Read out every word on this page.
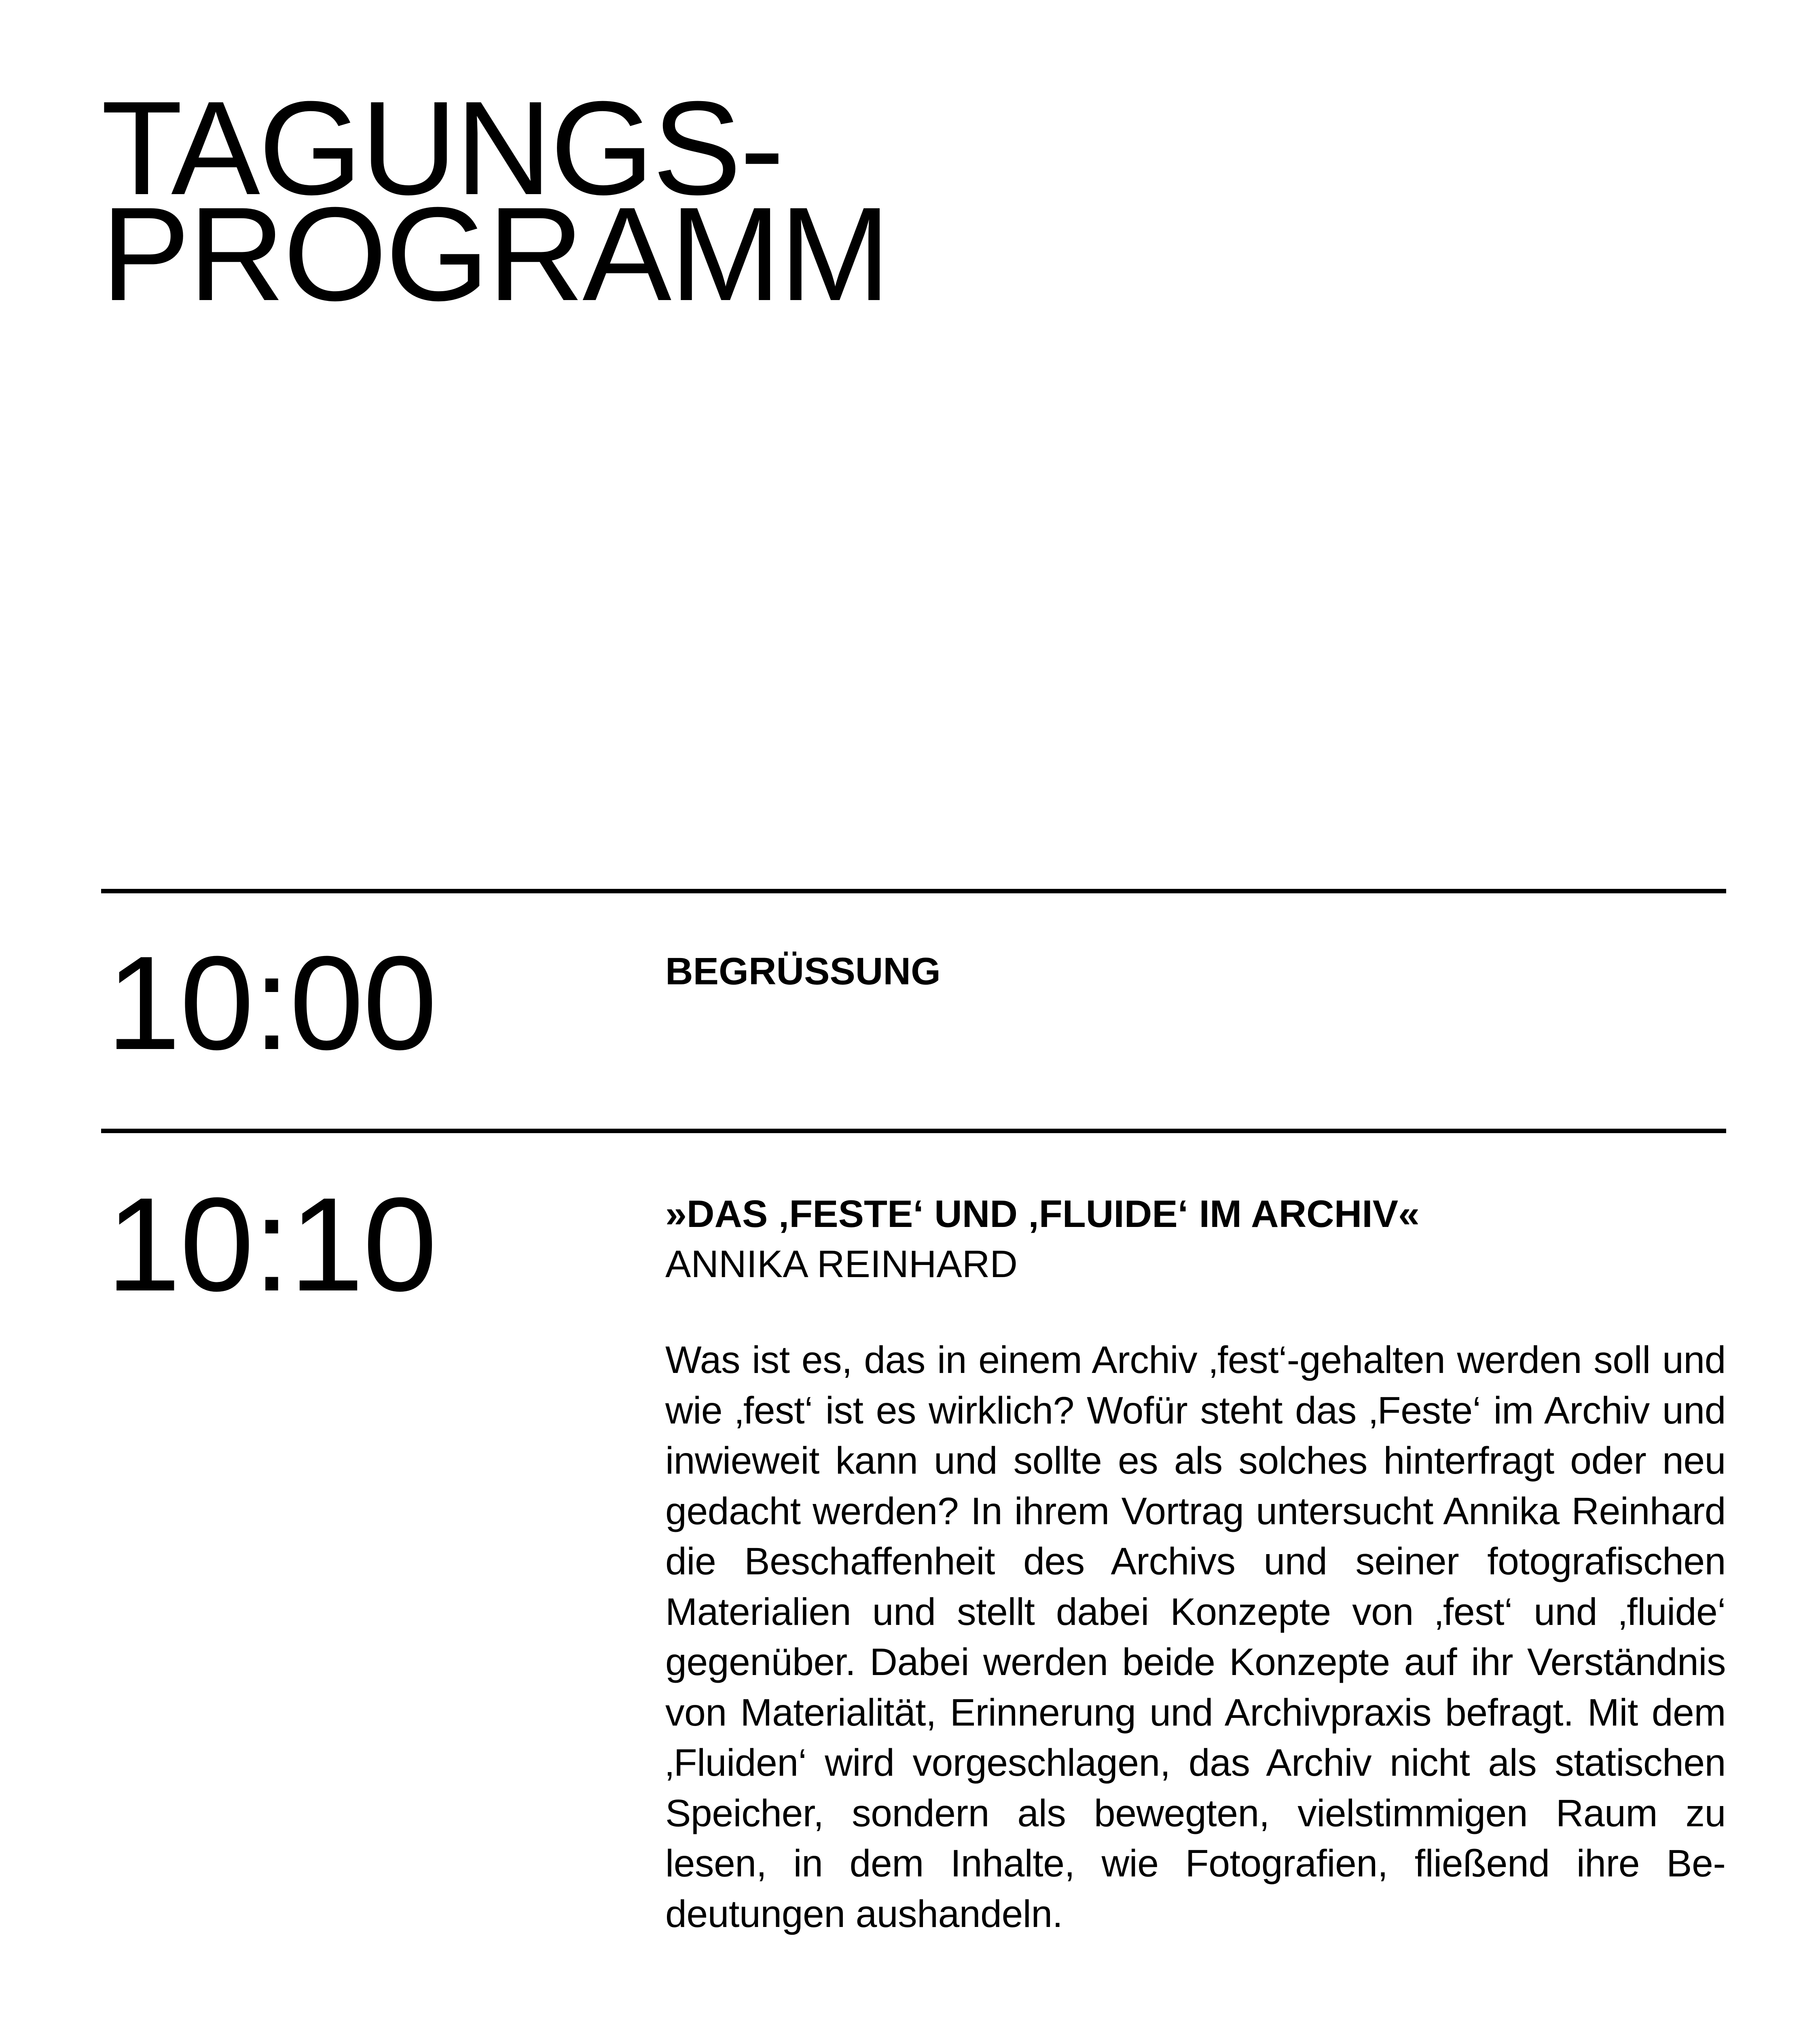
TAGUNGS-
PROGRAMM
10:00	BEGRÜSSUNG

10:10	»DAS ‚FESTE‘ UND ‚FLUIDE‘ IM ARCHIV«

ANNIKA REINHARD

Was ist es, das in einem Archiv ‚fest‘-gehalten werden soll und wie ‚fest‘ ist es wirklich? Wofür steht das ‚Feste‘ im Archiv und inwieweit kann und sollte es als solches hinterfragt oder neu gedacht werden? In ihrem Vortrag untersucht Annika Reinhard die Beschaffenheit des Archivs und seiner fotografischen Materialien und stellt dabei Konzepte von ‚fest‘ und ‚fluide‘ gegenüber. Dabei werden beide Konzepte auf ihr Verständnis von Materialität, Erinnerung und Archivpraxis befragt. Mit dem ‚Fluiden‘ wird vorgeschlagen, das Archiv nicht als statischen Speicher, sondern als bewegten, vielstimmigen Raum zu lesen, in dem Inhalte, wie Fotografien, fließend ihre Bedeutungen aushandeln.
